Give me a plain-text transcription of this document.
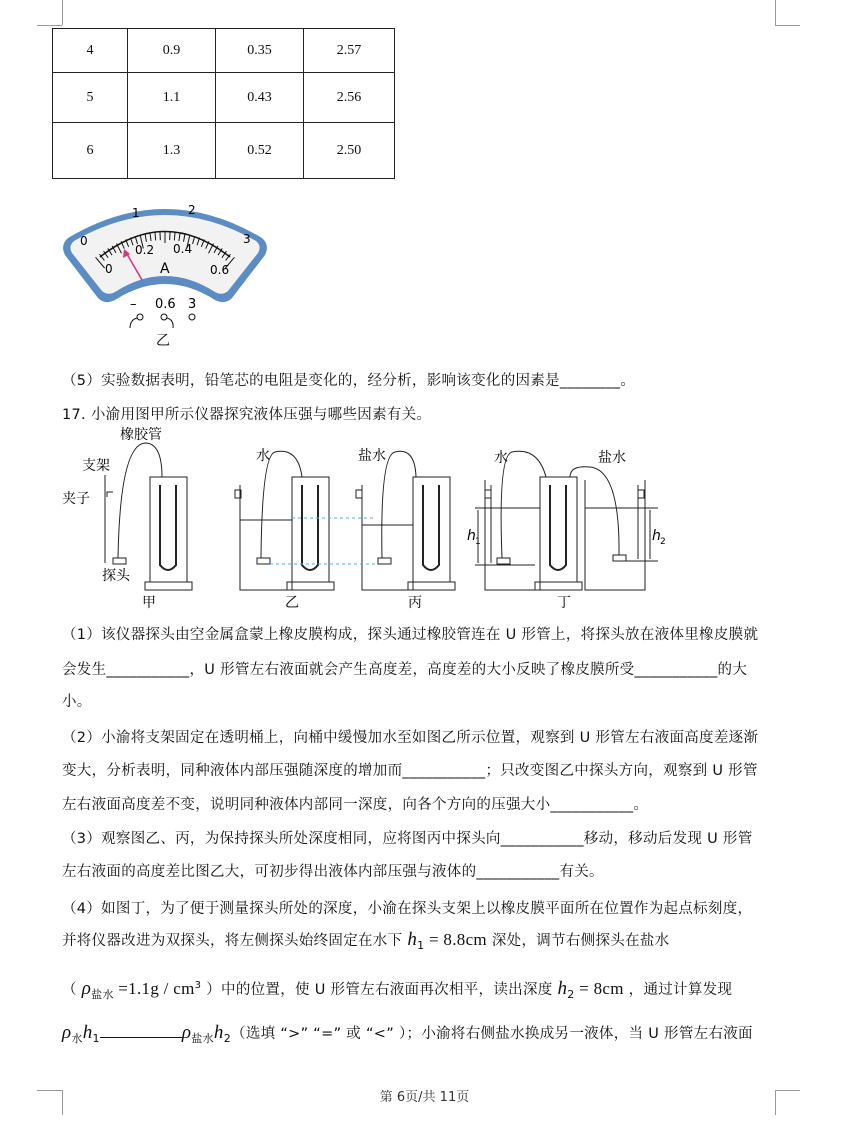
4	0.9	0.35	2.57
5	1.1	0.43	2.56
6	1.3	0.52	2.50
0
1	2
3
0
0.2 0.4
0.6
A
– 0.6 3
乙
（5）实验数据表明，铅笔芯的电阻是变化的，经分析，影响该变化的因素是________。
17. 小渝用图甲所示仪器探究液体压强与哪些因素有关。
橡胶管
支架
夹子
探头
水	盐水	水	盐水
h 1	h 2
甲	乙	丙	丁
（1）该仪器探头由空金属盒蒙上橡皮膜构成，探头通过橡胶管连在 U 形管上，将探头放在液体里橡皮膜就
会发生___________，U 形管左右液面就会产生高度差，高度差的大小反映了橡皮膜所受___________的大
小。
（2）小渝将支架固定在透明桶上，向桶中缓慢加水至如图乙所示位置，观察到 U 形管左右液面高度差逐渐
变大，分析表明，同种液体内部压强随深度的增加而___________；只改变图乙中探头方向，观察到 U 形管
左右液面高度差不变，说明同种液体内部同一深度，向各个方向的压强大小___________。
（3）观察图乙、丙，为保持探头所处深度相同，应将图丙中探头向___________移动，移动后发现 U 形管
左右液面的高度差比图乙大，可初步得出液体内部压强与液体的___________有关。
（4）如图丁，为了便于测量探头所处的深度，小渝在探头支架上以橡皮膜平面所在位置作为起点标刻度，
并将仪器改进为双探头，将左侧探头始终固定在水下 $h_1 = 8.8cm$ 深处，调节右侧探头在盐水
（ $\rho_{盐水} =1.1g / cm^3$ ）中的位置，使 U 形管左右液面再次相平，读出深度 $h_2 = 8cm$ ，通过计算发现
$\rho_水h_1$	$\rho_{盐水}h_2$（选填 “>” “=” 或 “<” ）；小渝将右侧盐水换成另一液体，当 U 形管左右液面
第 6页/共 11页
